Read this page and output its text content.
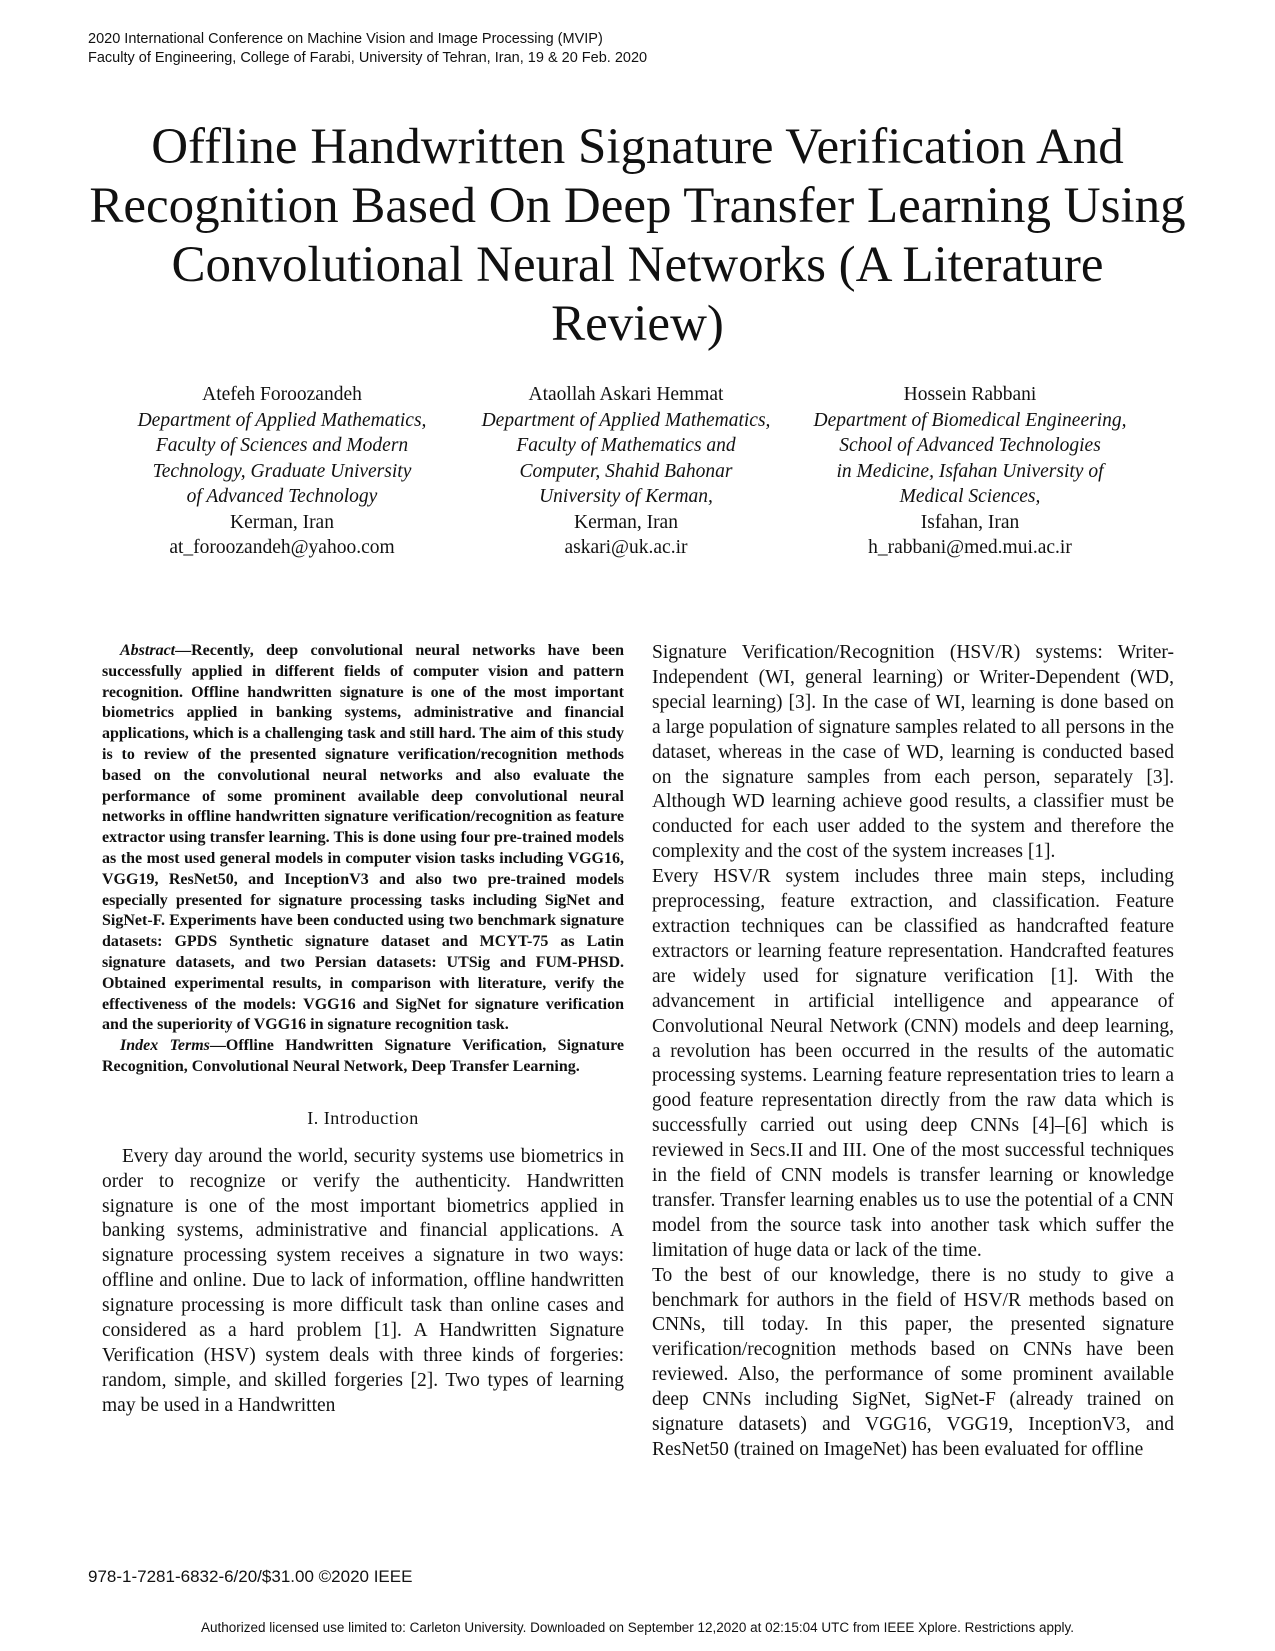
2020 International Conference on Machine Vision and Image Processing (MVIP)
Faculty of Engineering, College of Farabi, University of Tehran, Iran, 19 & 20 Feb. 2020
Offline Handwritten Signature Verification And Recognition Based On Deep Transfer Learning Using Convolutional Neural Networks (A Literature Review)
Atefeh Foroozandeh
Department of Applied Mathematics,
Faculty of Sciences and Modern
Technology, Graduate University
of Advanced Technology
Kerman, Iran
at_foroozandeh@yahoo.com
Ataollah Askari Hemmat
Department of Applied Mathematics,
Faculty of Mathematics and
Computer, Shahid Bahonar
University of Kerman,
Kerman, Iran
askari@uk.ac.ir
Hossein Rabbani
Department of Biomedical Engineering,
School of Advanced Technologies
in Medicine, Isfahan University of
Medical Sciences,
Isfahan, Iran
h_rabbani@med.mui.ac.ir

Abstract—Recently, deep convolutional neural networks have been successfully applied in different fields of computer vision and pattern recognition. Offline handwritten signature is one of the most important biometrics applied in banking systems, administrative and financial applications, which is a challenging task and still hard. The aim of this study is to review of the presented signature verification/recognition methods based on the convolutional neural networks and also evaluate the performance of some prominent available deep convolutional neural networks in offline handwritten signature verification/recognition as feature extractor using transfer learning. This is done using four pre-trained models as the most used general models in computer vision tasks including VGG16, VGG19, ResNet50, and InceptionV3 and also two pre-trained models especially presented for signature processing tasks including SigNet and SigNet-F. Experiments have been conducted using two benchmark signature datasets: GPDS Synthetic signature dataset and MCYT-75 as Latin signature datasets, and two Persian datasets: UTSig and FUM-PHSD. Obtained experimental results, in comparison with literature, verify the effectiveness of the models: VGG16 and SigNet for signature verification and the superiority of VGG16 in signature recognition task.

Index Terms—Offline Handwritten Signature Verification, Signature Recognition, Convolutional Neural Network, Deep Transfer Learning.

I. Introduction

Every day around the world, security systems use biometrics in order to recognize or verify the authenticity. Handwritten signature is one of the most important biometrics applied in banking systems, administrative and financial applications. A signature processing system receives a signature in two ways: offline and online. Due to lack of information, offline handwritten signature processing is more difficult task than online cases and considered as a hard problem [1]. A Handwritten Signature Verification (HSV) system deals with three kinds of forgeries: random, simple, and skilled forgeries [2]. Two types of learning may be used in a Handwritten

Signature Verification/Recognition (HSV/R) systems: Writer-Independent (WI, general learning) or Writer-Dependent (WD, special learning) [3]. In the case of WI, learning is done based on a large population of signature samples related to all persons in the dataset, whereas in the case of WD, learning is conducted based on the signature samples from each person, separately [3]. Although WD learning achieve good results, a classifier must be conducted for each user added to the system and therefore the complexity and the cost of the system increases [1].

Every HSV/R system includes three main steps, including preprocessing, feature extraction, and classification. Feature extraction techniques can be classified as handcrafted feature extractors or learning feature representation. Handcrafted features are widely used for signature verification [1]. With the advancement in artificial intelligence and appearance of Convolutional Neural Network (CNN) models and deep learning, a revolution has been occurred in the results of the automatic processing systems. Learning feature representation tries to learn a good feature representation directly from the raw data which is successfully carried out using deep CNNs [4]–[6] which is reviewed in Secs.II and III. One of the most successful techniques in the field of CNN models is transfer learning or knowledge transfer. Transfer learning enables us to use the potential of a CNN model from the source task into another task which suffer the limitation of huge data or lack of the time.

To the best of our knowledge, there is no study to give a benchmark for authors in the field of HSV/R methods based on CNNs, till today. In this paper, the presented signature verification/recognition methods based on CNNs have been reviewed. Also, the performance of some prominent available deep CNNs including SigNet, SigNet-F (already trained on signature datasets) and VGG16, VGG19, InceptionV3, and ResNet50 (trained on ImageNet) has been evaluated for offline

978-1-7281-6832-6/20/$31.00 ©2020 IEEE
Authorized licensed use limited to: Carleton University. Downloaded on September 12,2020 at 02:15:04 UTC from IEEE Xplore. Restrictions apply.
